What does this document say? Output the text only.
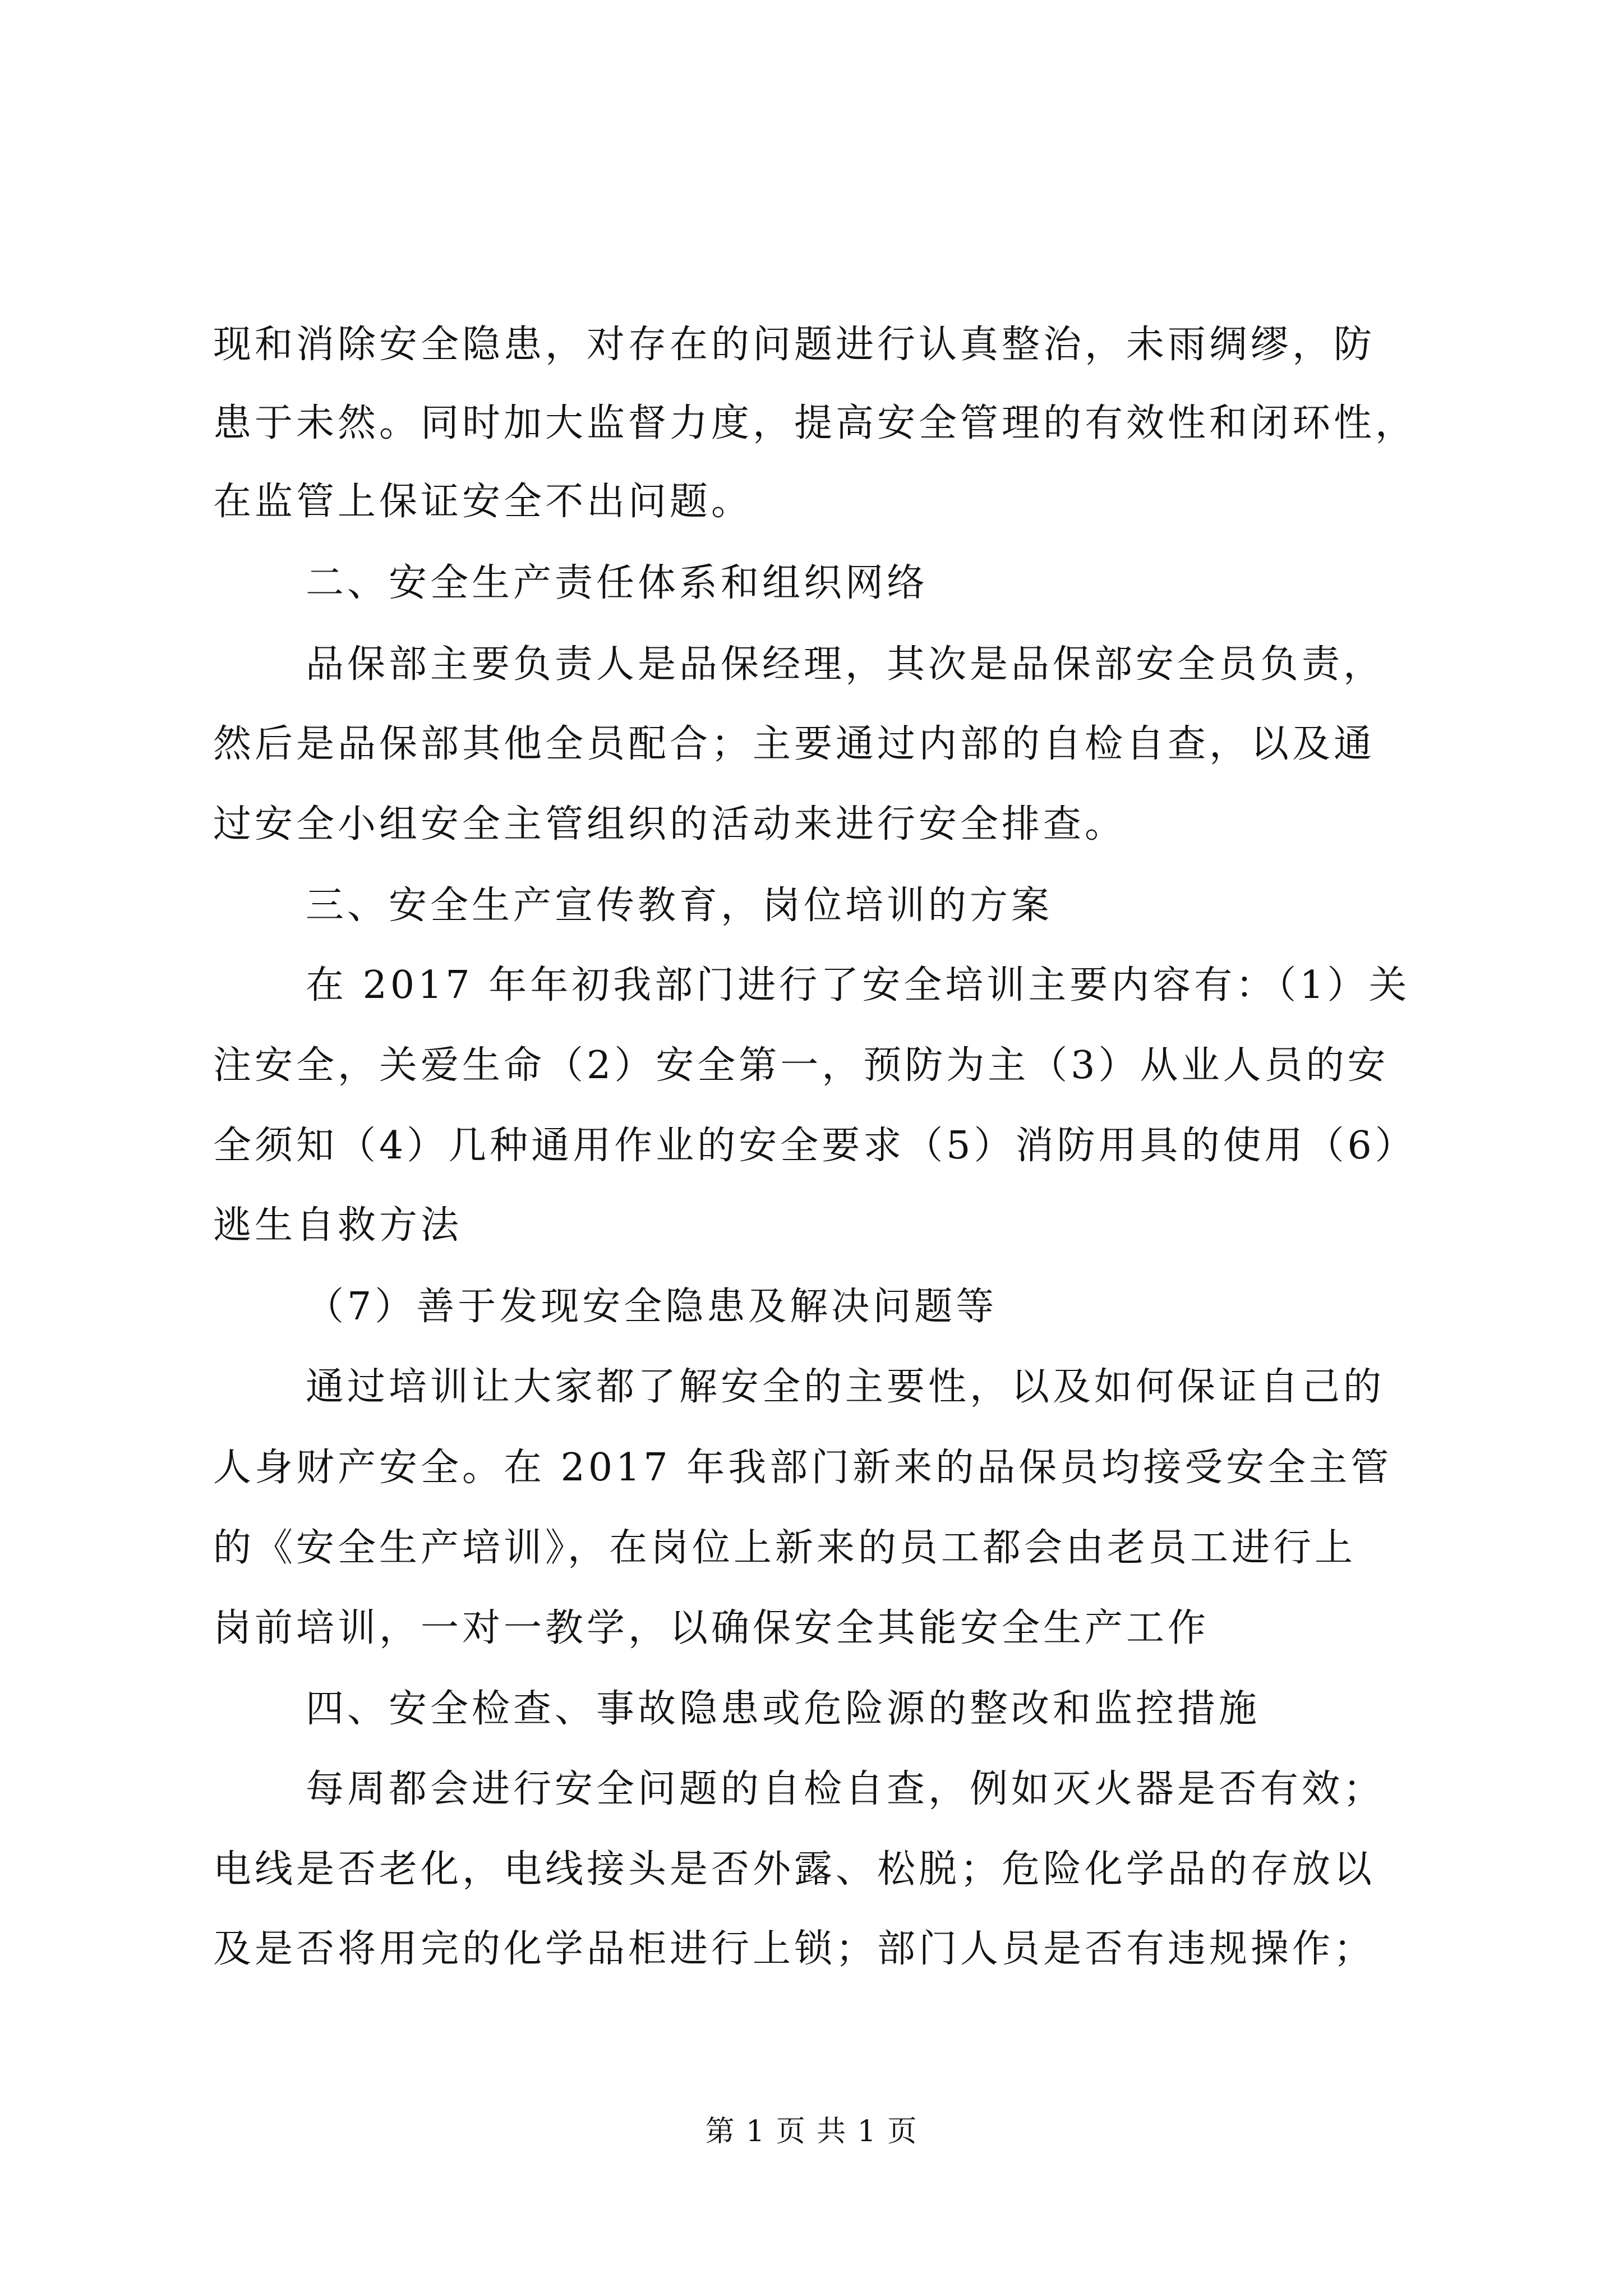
现和消除安全隐患，对存在的问题进行认真整治，未雨绸缪，防
患于未然。同时加大监督力度，提高安全管理的有效性和闭环性，
在监管上保证安全不出问题。
二、安全生产责任体系和组织网络
品保部主要负责人是品保经理，其次是品保部安全员负责，
然后是品保部其他全员配合；主要通过内部的自检自查，以及通
过安全小组安全主管组织的活动来进行安全排查。
三、安全生产宣传教育，岗位培训的方案
在 2017 年年初我部门进行了安全培训主要内容有：（1）关
注安全，关爱生命（2）安全第一，预防为主（3）从业人员的安
全须知（4）几种通用作业的安全要求（5）消防用具的使用（6）
逃生自救方法
（7）善于发现安全隐患及解决问题等
通过培训让大家都了解安全的主要性，以及如何保证自己的
人身财产安全。在 2017 年我部门新来的品保员均接受安全主管
的《安全生产培训》，在岗位上新来的员工都会由老员工进行上
岗前培训，一对一教学，以确保安全其能安全生产工作
四、安全检查、事故隐患或危险源的整改和监控措施
每周都会进行安全问题的自检自查，例如灭火器是否有效；
电线是否老化，电线接头是否外露、松脱；危险化学品的存放以
及是否将用完的化学品柜进行上锁；部门人员是否有违规操作；
第 1 页 共 1 页
